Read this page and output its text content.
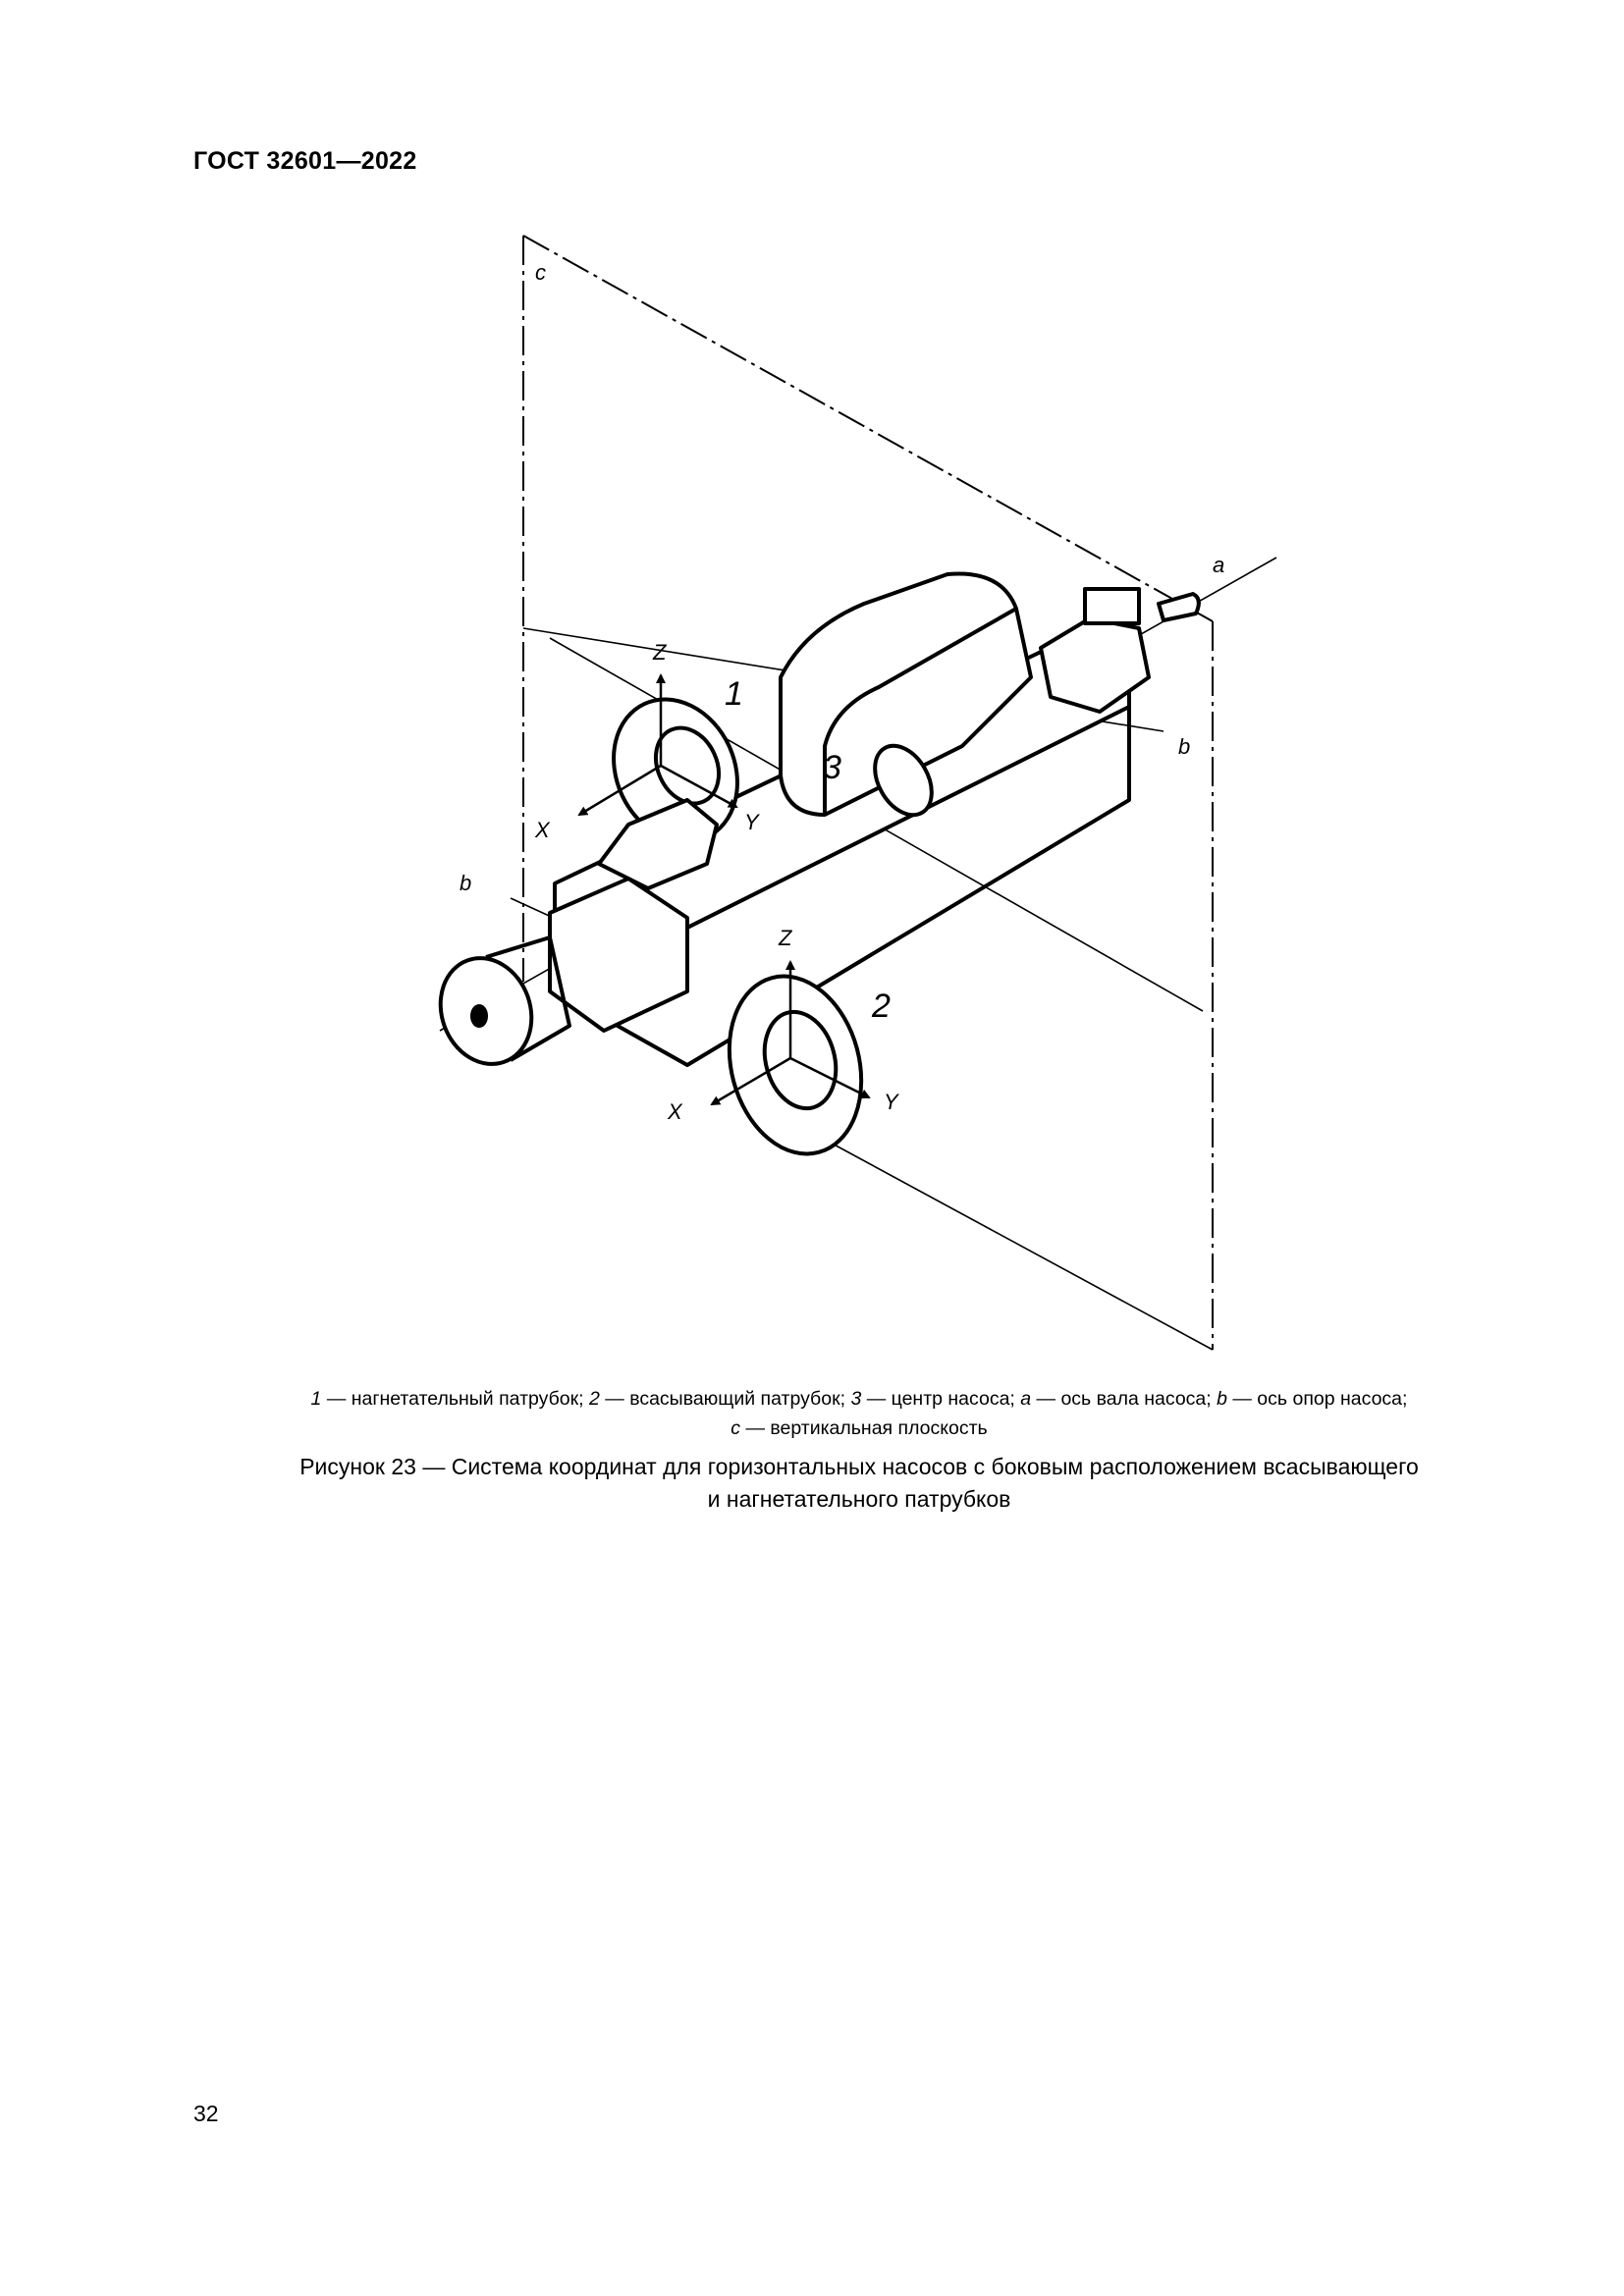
ГОСТ 32601—2022
c
a
b
b
1
2
3
Z
X	Y
Z
X	Y
1 — нагнетательный патрубок; 2 — всасывающий патрубок; 3 — центр насоса; a — ось вала насоса; b — ось опор насоса;
c — вертикальная плоскость
Рисунок 23 — Система координат для горизонтальных насосов с боковым расположением всасывающего
и нагнетательного патрубков
32
